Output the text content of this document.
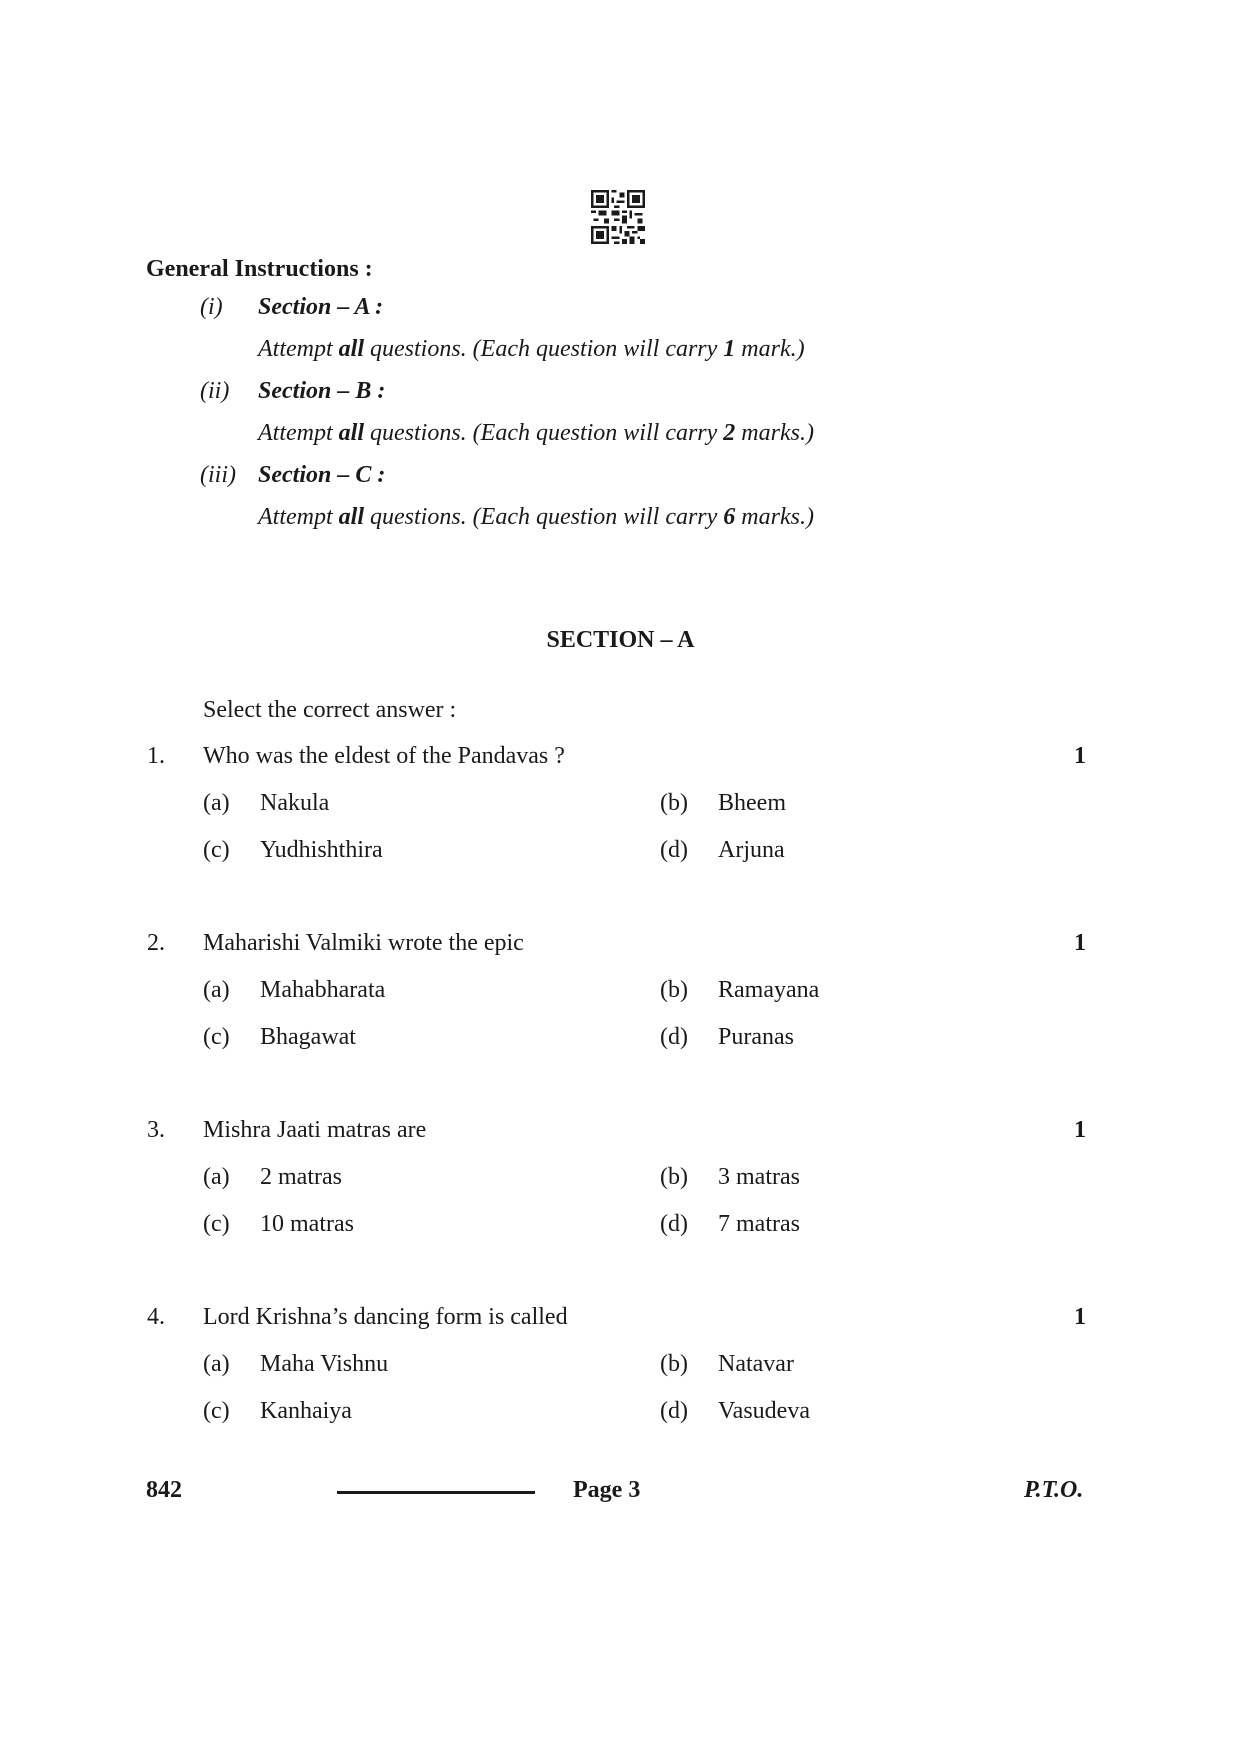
General Instructions :
(i) Section – A :
Attempt all questions. (Each question will carry 1 mark.)
(ii) Section – B :
Attempt all questions. (Each question will carry 2 marks.)
(iii) Section – C :
Attempt all questions. (Each question will carry 6 marks.)
SECTION – A
Select the correct answer :
1. Who was the eldest of the Pandavas ?	1
(a) Nakula	(b) Bheem
(c) Yudhishthira	(d) Arjuna
2. Maharishi Valmiki wrote the epic	1
(a) Mahabharata	(b) Ramayana
(c) Bhagawat	(d) Puranas
3. Mishra Jaati matras are	1
(a) 2 matras	(b) 3 matras
(c) 10 matras	(d) 7 matras
4. Lord Krishna’s dancing form is called	1
(a) Maha Vishnu	(b) Natavar
(c) Kanhaiya	(d) Vasudeva
842	Page 3	P.T.O.
